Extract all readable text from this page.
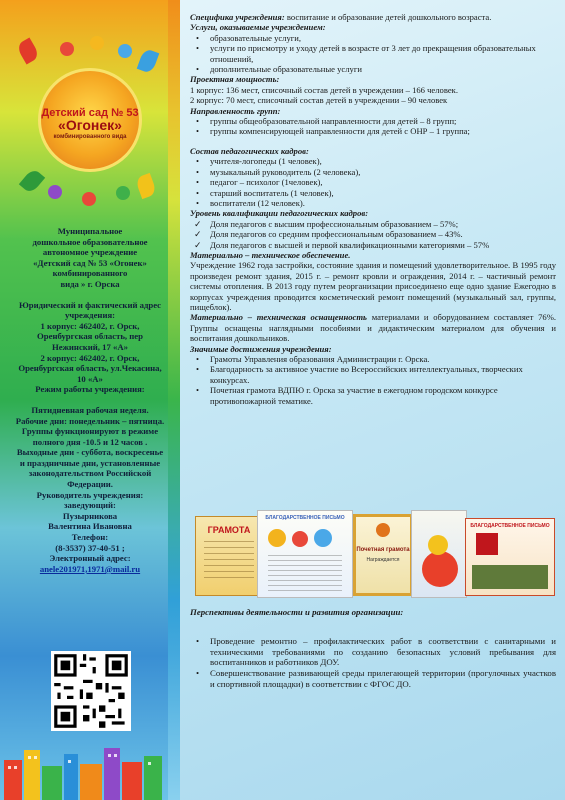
Детский сад № 53
«Огонек»
комбинированного вида

Муниципальное

дошкольное образовательное

автономное учреждение

«Детский сад № 53 «Огонек»

комбинированного

вида » г. Орска

Юридический и фактический адрес учреждения:

1 корпус: 462402, г. Орск, Оренбургская область, пер Нежинский, 17 «А»

2 корпус: 462402, г. Орск, Оренбургская область, ул.Чекасина, 10 «А»

Режим работы учреждения:

Пятидневная рабочая неделя.

Рабочие дни: понедельник – пятница.

Группы функционируют в режиме полного дня -10.5 и 12 часов .

Выходные дни - суббота, воскресенье и праздничные дни, установленные законодательством Российской Федерации.

Руководитель учреждения:

заведующий:

Пузырникова

Валентина Ивановна

Телефон:

(8-3537) 37-40-51 ;

Электронный адрес:

anele201971,1971@mail.ru

Специфика учреждения: воспитание и образование детей дошкольного возраста.

Услуги, оказываемые учреждением:
• образовательные услуги,
• услуги по присмотру и уходу детей в возрасте от 3 лет до прекращения образовательных отношений,
• дополнительные образовательные услуги
Проектная мощность:

1 корпус: 136 мест, списочный состав детей в учреждении – 166 человек.

2 корпус: 70 мест, списочный состав детей в учреждении – 90 человек

Направленность групп:
• группы общеобразовательной направленности для детей – 8 групп;
• группы компенсирующей направленности для детей с ОНР – 1 группа;
Состав педагогических кадров:
• учителя-логопеды (1 человек),
• музыкальный руководитель (2 человека),
• педагог – психолог (1человек),
• старший воспитатель (1 человек),
• воспитатели (12 человек).
Уровень квалификации педагогических кадров:
✓ Доля педагогов с высшим профессиональным образованием – 57%;
✓ Доля педагогов со средним профессиональным образованием – 43%.
✓ Доля педагогов с высшей и первой квалификационными категориями – 57%
Материально – техническое обеспечение.

Учреждение 1962 года застройки, состояние здания и помещений удовлетворительное. В 1995 году произведен ремонт здания, 2015 г. – ремонт кровли и ограждения, 2014 г. – частичный ремонт системы отопления. В 2013 году путем реорганизации присоединено еще одно здание Ежегодно в корпусах учреждения проводится косметический ремонт помещений (музыкальный зал, группы, пищеблок).

Материально – техническая оснащенность материалами и оборудованием составляет 76%. Группы оснащены наглядными пособиями и дидактическим материалом для обучения и воспитания дошкольников.

Значимые достижения учреждения:
• Грамоты Управления образования Администрации г. Орска.
• Благодарность за активное участие во Всероссийских интеллектуальных, творческих конкурсах.
• Почетная грамота ВДПЮ г. Орска за участие в ежегодном городском конкурсе противопожарной тематике.
ГРАМОТА
БЛАГОДАРСТВЕННОЕ ПИСЬМО
Почетная грамота
Награждается
БЛАГОДАРСТВЕННОЕ ПИСЬМО
Перспективы деятельности и развития организации:
• Проведение ремонтно – профилактических работ в соответствии с санитарными и техническими требованиями по созданию безопасных условий пребывания для воспитанников и работников ДОУ.
• Совершенствование развивающей среды прилегающей территории (прогулочных участков и спортивной площадки) в соответствии с ФГОС ДО.
